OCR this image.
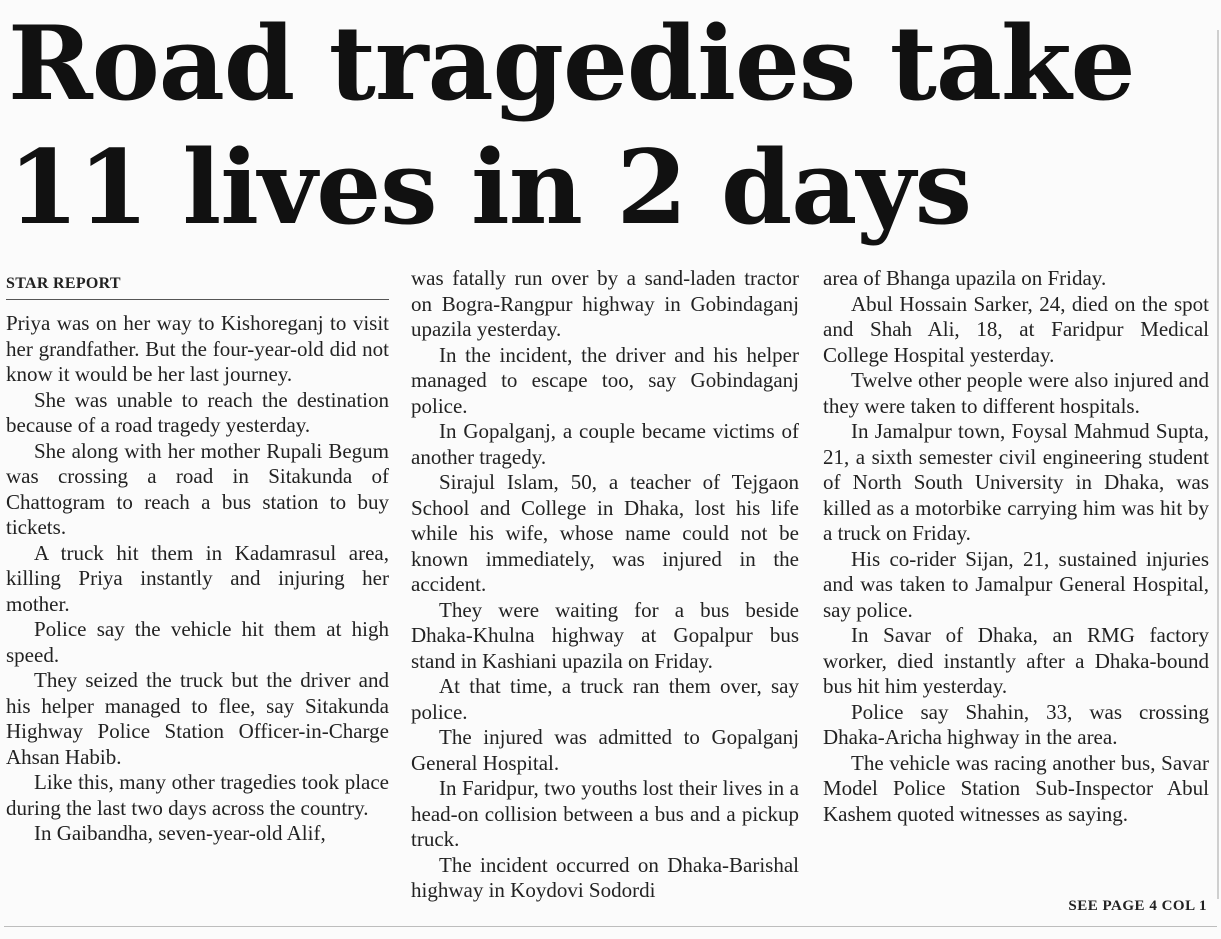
Road tragedies take
11 lives in 2 days
STAR REPORT

Priya was on her way to Kishoreganj to visit her grandfather. But the four-year-old did not know it would be her last journey.

She was unable to reach the destination because of a road tragedy yesterday.

She along with her mother Rupali Begum was crossing a road in Sitakunda of Chattogram to reach a bus station to buy tickets.

A truck hit them in Kadamrasul area, killing Priya instantly and injuring her mother.

Police say the vehicle hit them at high speed.

They seized the truck but the driver and his helper managed to flee, say Sitakunda Highway Police Station Officer-in-Charge Ahsan Habib.

Like this, many other tragedies took place during the last two days across the country.

In Gaibandha, seven-year-old Alif,

was fatally run over by a sand-laden tractor on Bogra-Rangpur highway in Gobindaganj upazila yesterday.

In the incident, the driver and his helper managed to escape too, say Gobindaganj police.

In Gopalganj, a couple became victims of another tragedy.

Sirajul Islam, 50, a teacher of Tejgaon School and College in Dhaka, lost his life while his wife, whose name could not be known immediately, was injured in the accident.

They were waiting for a bus beside Dhaka-Khulna highway at Gopalpur bus stand in Kashiani upazila on Friday.

At that time, a truck ran them over, say police.

The injured was admitted to Gopalganj General Hospital.

In Faridpur, two youths lost their lives in a head-on collision between a bus and a pickup truck.

The incident occurred on Dhaka-Barishal highway in Koydovi Sodordi

area of Bhanga upazila on Friday.

Abul Hossain Sarker, 24, died on the spot and Shah Ali, 18, at Faridpur Medical College Hospital yesterday.

Twelve other people were also injured and they were taken to different hospitals.

In Jamalpur town, Foysal Mahmud Supta, 21, a sixth semester civil engineering student of North South University in Dhaka, was killed as a motorbike carrying him was hit by a truck on Friday.

His co-rider Sijan, 21, sustained injuries and was taken to Jamalpur General Hospital, say police.

In Savar of Dhaka, an RMG factory worker, died instantly after a Dhaka-bound bus hit him yesterday.

Police say Shahin, 33, was crossing Dhaka-Aricha highway in the area.

The vehicle was racing another bus, Savar Model Police Station Sub-Inspector Abul Kashem quoted witnesses as saying.

SEE PAGE 4 COL 1
